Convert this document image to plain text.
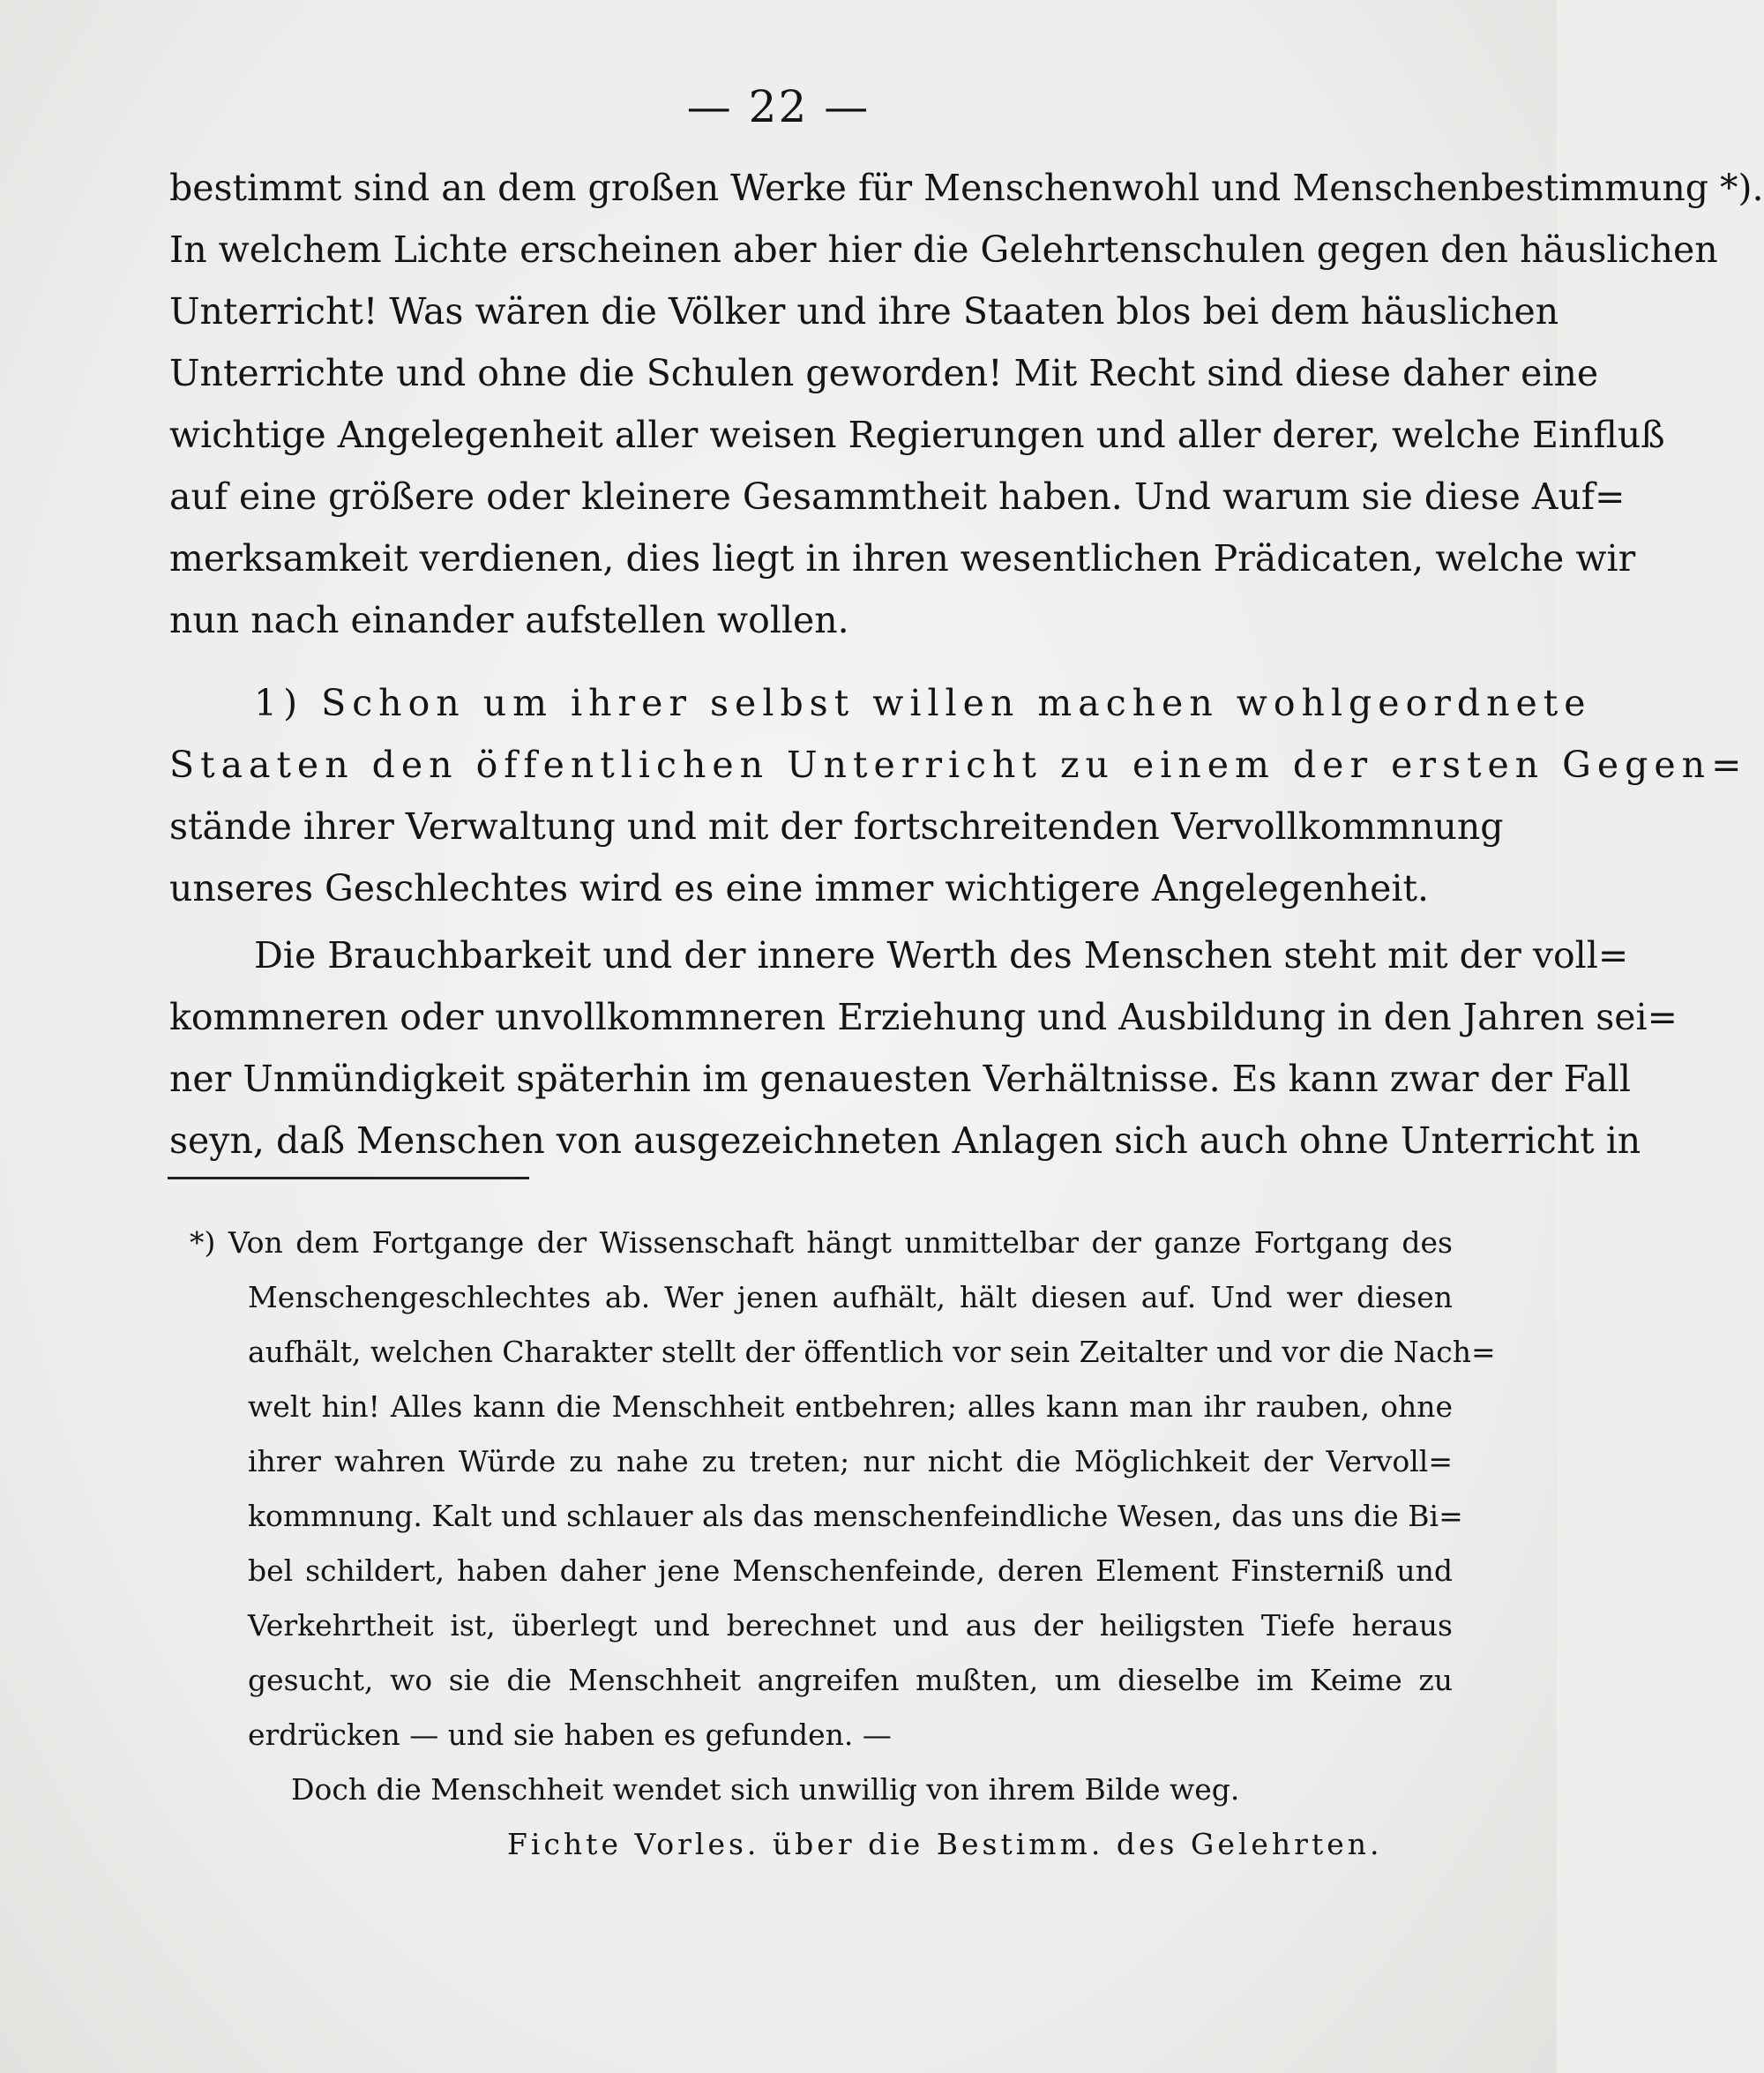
— 22 —
bestimmt sind an dem großen Werke für Menschenwohl und Menschenbestimmung *).
In welchem Lichte erscheinen aber hier die Gelehrtenschulen gegen den häuslichen
Unterricht! Was wären die Völker und ihre Staaten blos bei dem häuslichen
Unterrichte und ohne die Schulen geworden! Mit Recht sind diese daher eine
wichtige Angelegenheit aller weisen Regierungen und aller derer, welche Einfluß
auf eine größere oder kleinere Gesammtheit haben. Und warum sie diese Auf=
merksamkeit verdienen, dies liegt in ihren wesentlichen Prädicaten, welche wir
nun nach einander aufstellen wollen.
1) Schon um ihrer selbst willen machen wohlgeordnete
Staaten den öffentlichen Unterricht zu einem der ersten Gegen=
stände ihrer Verwaltung und mit der fortschreitenden Vervollkommnung
unseres Geschlechtes wird es eine immer wichtigere Angelegenheit.
Die Brauchbarkeit und der innere Werth des Menschen steht mit der voll=
kommneren oder unvollkommneren Erziehung und Ausbildung in den Jahren sei=
ner Unmündigkeit späterhin im genauesten Verhältnisse. Es kann zwar der Fall
seyn, daß Menschen von ausgezeichneten Anlagen sich auch ohne Unterricht in
*) Von dem Fortgange der Wissenschaft hängt unmittelbar der ganze Fortgang des
Menschengeschlechtes ab. Wer jenen aufhält, hält diesen auf. Und wer diesen
aufhält, welchen Charakter stellt der öffentlich vor sein Zeitalter und vor die Nach=
welt hin! Alles kann die Menschheit entbehren; alles kann man ihr rauben, ohne
ihrer wahren Würde zu nahe zu treten; nur nicht die Möglichkeit der Vervoll=
kommnung. Kalt und schlauer als das menschenfeindliche Wesen, das uns die Bi=
bel schildert, haben daher jene Menschenfeinde, deren Element Finsterniß und
Verkehrtheit ist, überlegt und berechnet und aus der heiligsten Tiefe heraus
gesucht, wo sie die Menschheit angreifen mußten, um dieselbe im Keime zu
erdrücken — und sie haben es gefunden. —
Doch die Menschheit wendet sich unwillig von ihrem Bilde weg.
Fichte Vorles. über die Bestimm. des Gelehrten.
